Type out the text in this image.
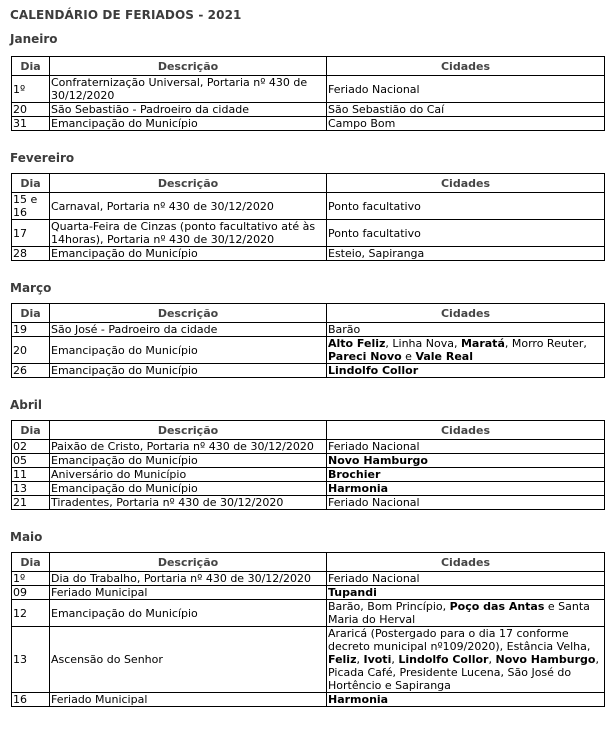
CALENDÁRIO DE FERIADOS - 2021
Janeiro
Dia	Descrição	Cidades
1º	Confraternização Universal, Portaria nº 430 de 30/12/2020	Feriado Nacional
20	São Sebastião - Padroeiro da cidade	São Sebastião do Caí
31	Emancipação do Município	Campo Bom
Fevereiro
Dia	Descrição	Cidades
15 e 16	Carnaval, Portaria nº 430 de 30/12/2020	Ponto facultativo
17	Quarta-Feira de Cinzas (ponto facultativo até às 14horas), Portaria nº 430 de 30/12/2020	Ponto facultativo
28	Emancipação do Município	Esteio, Sapiranga
Março
Dia	Descrição	Cidades
19	São José - Padroeiro da cidade	Barão
20	Emancipação do Município	Alto Feliz, Linha Nova, Maratá, Morro Reuter, Pareci Novo e Vale Real
26	Emancipação do Município	Lindolfo Collor
Abril
Dia	Descrição	Cidades
02	Paixão de Cristo, Portaria nº 430 de 30/12/2020	Feriado Nacional
05	Emancipação do Município	Novo Hamburgo
11	Aniversário do Município	Brochier
13	Emancipação do Município	Harmonia
21	Tiradentes, Portaria nº 430 de 30/12/2020	Feriado Nacional
Maio
Dia	Descrição	Cidades
1º	Dia do Trabalho, Portaria nº 430 de 30/12/2020	Feriado Nacional
09	Feriado Municipal	Tupandi
12	Emancipação do Município	Barão, Bom Princípio, Poço das Antas e Santa Maria do Herval
13	Ascensão do Senhor	Araricá (Postergado para o dia 17 conforme decreto municipal nº109/2020), Estância Velha, Feliz, Ivoti, Lindolfo Collor, Novo Hamburgo, Picada Café, Presidente Lucena, São José do Hortêncio e Sapiranga
16	Feriado Municipal	Harmonia
